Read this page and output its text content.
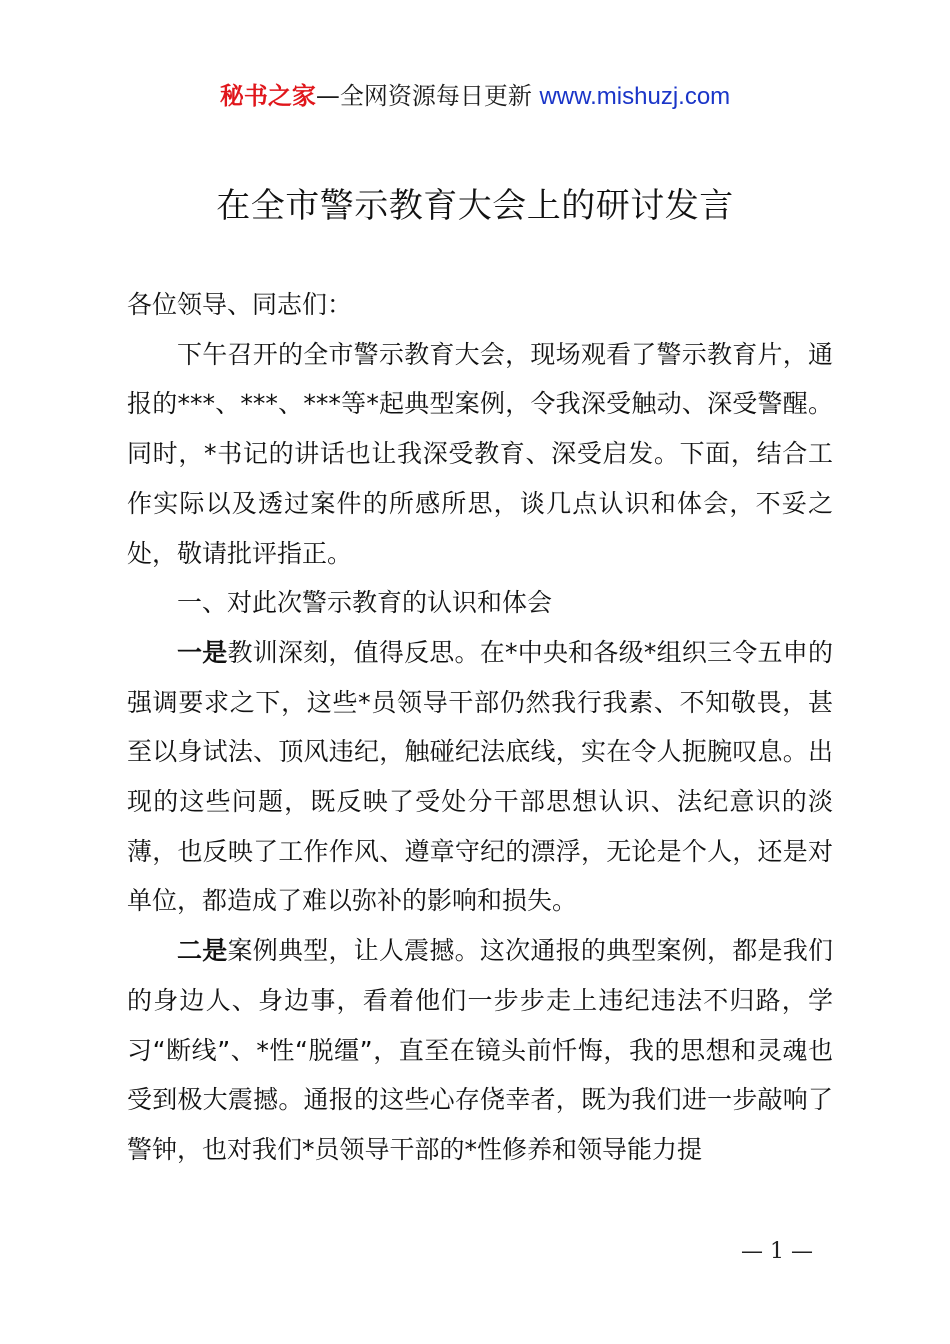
秘书之家—全网资源每日更新 www.mishuzj.com
在全市警示教育大会上的研讨发言

各位领导、同志们：

下午召开的全市警示教育大会，现场观看了警示教育片，通报的***、***、***等*起典型案例，令我深受触动、深受警醒。同时，*书记的讲话也让我深受教育、深受启发。下面，结合工作实际以及透过案件的所感所思，谈几点认识和体会，不妥之处，敬请批评指正。

一、对此次警示教育的认识和体会

一是教训深刻，值得反思。在*中央和各级*组织三令五申的强调要求之下，这些*员领导干部仍然我行我素、不知敬畏，甚至以身试法、顶风违纪，触碰纪法底线，实在令人扼腕叹息。出现的这些问题，既反映了受处分干部思想认识、法纪意识的淡薄，也反映了工作作风、遵章守纪的漂浮，无论是个人，还是对单位，都造成了难以弥补的影响和损失。

二是案例典型，让人震撼。这次通报的典型案例，都是我们的身边人、身边事，看着他们一步步走上违纪违法不归路，学习“断线”、*性“脱缰”，直至在镜头前忏悔，我的思想和灵魂也受到极大震撼。通报的这些心存侥幸者，既为我们进一步敲响了警钟，也对我们*员领导干部的*性修养和领导能力提

— 1 —
